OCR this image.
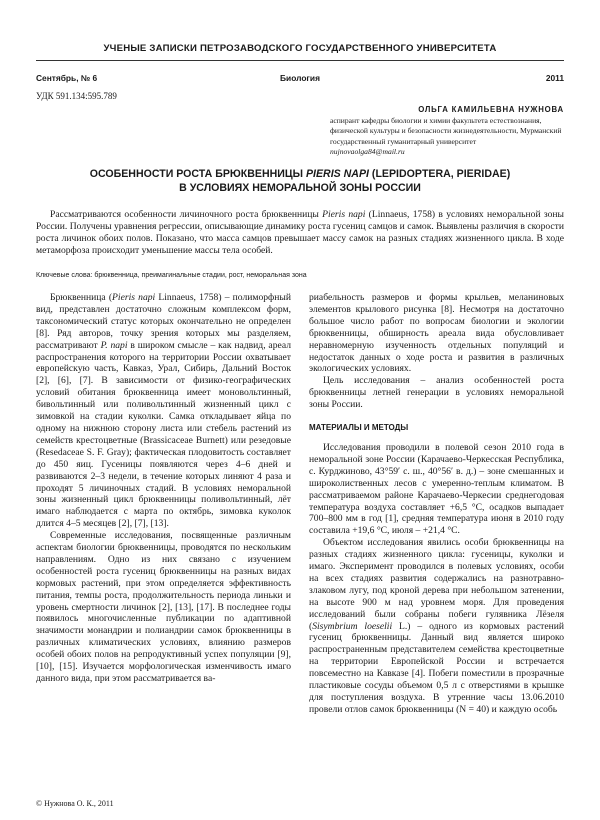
УЧЕНЫЕ ЗАПИСКИ ПЕТРОЗАВОДСКОГО ГОСУДАРСТВЕННОГО УНИВЕРСИТЕТА
Сентябрь, № 6	Биология	2011
УДК 591.134:595.789
ОЛЬГА КАМИЛЬЕВНА НУЖНОВА
аспирант кафедры биологии и химии факультета естествознания, физической культуры и безопасности жизнедеятельности, Мурманский государственный гуманитарный университет
nujnovaolga84@mail.ru
ОСОБЕННОСТИ РОСТА БРЮКВЕННИЦЫ PIERIS NAPI (LEPIDOPTERA, PIERIDAE)
В УСЛОВИЯХ НЕМОРАЛЬНОЙ ЗОНЫ РОССИИ

Рассматриваются особенности личиночного роста брюквенницы Pieris napi (Linnaeus, 1758) в условиях неморальной зоны России. Получены уравнения регрессии, описывающие динамику роста гусениц самцов и самок. Выявлены различия в скорости роста личинок обоих полов. Показано, что масса самцов превышает массу самок на разных стадиях жизненного цикла. В ходе метаморфоза происходит уменьшение массы тела особей.

Ключевые слова: брюквенница, преимагинальные стадии, рост, неморальная зона

Брюквенница (Pieris napi Linnaeus, 1758) – полиморфный вид, представлен достаточно сложным комплексом форм, таксономический статус которых окончательно не определен [8]. Ряд авторов, точку зрения которых мы разделяем, рассматривают P. napi в широком смысле – как надвид, ареал распространения которого на территории России охватывает европейскую часть, Кавказ, Урал, Сибирь, Дальний Восток [2], [6], [7]. В зависимости от физико-географических условий обитания брюквенница имеет моновольтинный, бивольтинный или поливольтинный жизненный цикл с зимовкой на стадии куколки. Самка откладывает яйца по одному на нижнюю сторону листа или стебель растений из семейств крестоцветные (Brassicaceae Burnett) или резедовые (Resedaceae S. F. Gray); фактическая плодовитость составляет до 450 яиц. Гусеницы появляются через 4–6 дней и развиваются 2–3 недели, в течение которых линяют 4 раза и проходят 5 личиночных стадий. В условиях неморальной зоны жизненный цикл брюквенницы поливольтинный, лёт имаго наблюдается с марта по октябрь, зимовка куколок длится 4–5 месяцев [2], [7], [13].

Современные исследования, посвященные различным аспектам биологии брюквенницы, проводятся по нескольким направлениям. Одно из них связано с изучением особенностей роста гусениц брюквенницы на разных видах кормовых растений, при этом определяется эффективность питания, темпы роста, продолжительность периода линьки и уровень смертности личинок [2], [13], [17]. В последнее годы появилось многочисленные публикации по адаптивной значимости монандрии и полиандрии самок брюквенницы в различных климатических условиях, влиянию размеров особей обоих полов на репродуктивный успех популяции [9], [10], [15]. Изучается морфологическая изменчивость имаго данного вида, при этом рассматривается ва-

риабельность размеров и формы крыльев, меланиновых элементов крылового рисунка [8]. Несмотря на достаточно большое число работ по вопросам биологии и экологии брюквенницы, обширность ареала вида обусловливает неравномерную изученность отдельных популяций и недостаток данных о ходе роста и развития в различных экологических условиях.

Цель исследования – анализ особенностей роста брюквенницы летней генерации в условиях неморальной зоны России.

МАТЕРИАЛЫ И МЕТОДЫ

Исследования проводили в полевой сезон 2010 года в неморальной зоне России (Карачаево-Черкесская Республика, с. Курджиново, 43°59′ с. ш., 40°56′ в. д.) – зоне смешанных и широколиственных лесов с умеренно-теплым климатом. В рассматриваемом районе Карачаево-Черкесии среднегодовая температура воздуха составляет +6,5 °С, осадков выпадает 700–800 мм в год [1], средняя температура июня в 2010 году составила +19,6 °С, июля – +21,4 °С.

Объектом исследования явились особи брюквенницы на разных стадиях жизненного цикла: гусеницы, куколки и имаго. Эксперимент проводился в полевых условиях, особи на всех стадиях развития содержались на разнотравно-злаковом лугу, под кроной дерева при небольшом затенении, на высоте 900 м над уровнем моря. Для проведения исследований были собраны побеги гулявника Лёзеля (Sisymbrium loeselii L.) – одного из кормовых растений гусениц брюквенницы. Данный вид является широко распространенным представителем семейства крестоцветные на территории Европейской России и встречается повсеместно на Кавказе [4]. Побеги поместили в прозрачные пластиковые сосуды объемом 0,5 л с отверстиями в крышке для поступления воздуха. В утренние часы 13.06.2010 провели отлов самок брюквенницы (N = 40) и каждую особь

© Нужнова О. К., 2011
